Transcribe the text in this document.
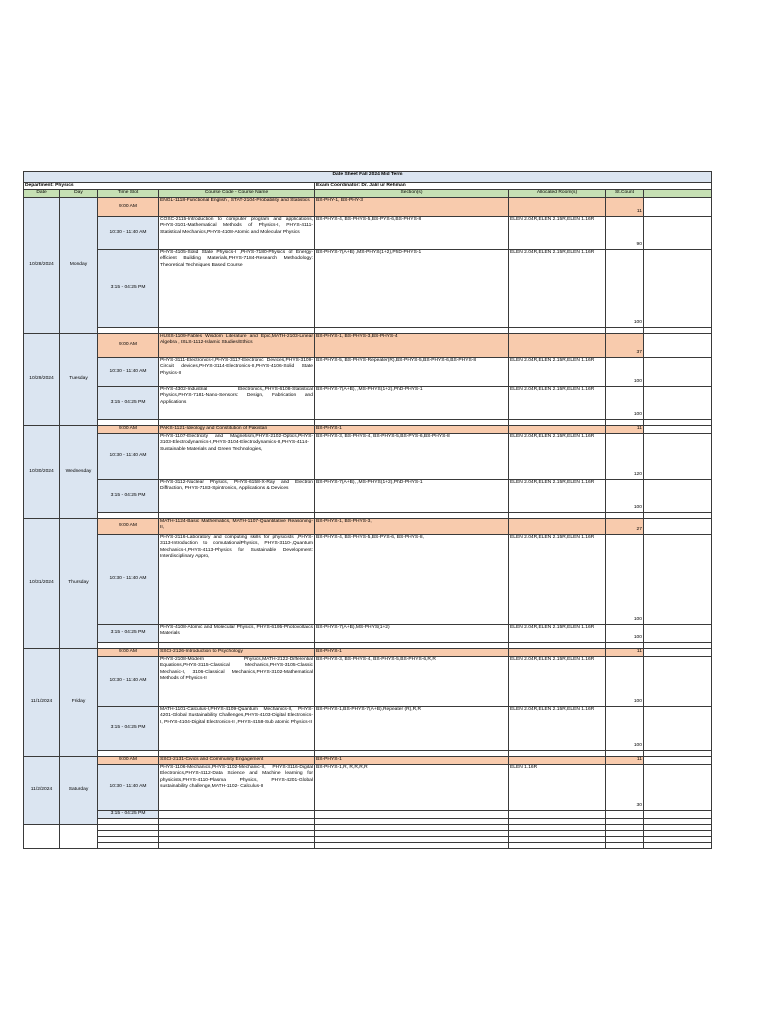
Date Sheet Fall 2024 Mid Term							
Department: Physics				Exam Coordinator: Dr. Jalil ur Rehman			
Date	Day	Time Slot	Course Code - Course Name	Section(s)	Allocated Room(s)	St.Count	
10/28/2024	Monday	9:00 AM	ENGL-1118-Functional English , STAT-2104-Probability and Statistics	BS-PHY-1, BS-PHY-3		11	
		10:30 - 11:40 AM	COSC-2115-Introduction to computer program and applications, PHYS-3101-Mathematical Methods of Physics-I, PHYS-4111-Statistical Mechanics,PHYS-4108-Atomic and Molecular Physics	BS-PHYS-4, BS-PHYS-5,BS-PYS-6,BS-PHYS-8	ELEN 2.04R,ELEN 2.15R,ELEN 1.16R	90	
		3:15 - 04:25 PM	PHYS-4105-Solid State Physics-I ,PHYS-7180-Physics of Energy-efficient Building Materials,PHYS-7184-Research Methodology: Theoretical Techniques Based Course	BS-PHYS-7(A+B) ,MS-PHYS(1+2),PhD-PHYS-1	ELEN 2.04R,ELEN 2.15R,ELEN 1.16R	100	

10/29/2024	Tuesday	9:00 AM	HUSS-1109-Fables Wisdom Literature and Epic,MATH-2103-Linear Algebra , ISLS-1112-Islamic Studies/Ethics	BS-PHYS-1, BS-PHYS-3,BS-PHYS-4		37	
		10:30 - 11:40 AM	PHYS-3111-Electronics-I,PHYS-3117-Electronic Devices,PHYS-3109-Circuit devices,PHYS-3114-Electronics-II,PHYS-4106-Solid State Physics-II	BS-PHYS-5, BS-PHYS-Repeater(R),BS-PHYS-5,BS-PHYS-6,BS-PHYS-8	ELEN 2.04R,ELEN 2.15R,ELEN 1.16R	100	
		3:15 - 04:25 PM	PHYS-4302-Industrial Electronics,,PHYS-6108-Statistical Physics,PHYS-7181-Nano-Sensors: Design, Fabrication and Applications	BS-PHYS-7(A+B), ,MS-PHYS(1+2),PhD-PHYS-1	ELEN 2.04R,ELEN 2.15R,ELEN 1.16R	100	

10/30/2024	Wednesday	9:00 AM	PAKS-1121-Ideology and Constitution of Pakistan	BS-PHYS-1		11	
		10:30 - 11:40 AM	PHYS-1107-Electricity and Magnetism,PHYS-2102-Optics,PHYS-3103-Electrodynamics-I,PHYS-3104-Electrodynamics-II,PHYS-4114-Sustainable Materials and Green Technologies,	BS-PHYS-3, BS-PHYS-4, BS-PHYS-5,BS-PYS-6,BS-PHYS-8	ELEN 2.04R,ELEN 2.15R,ELEN 1.16R	120	
		3:15 - 04:25 PM	PHYS-3112-Nuclear Physics, PHYS-6158-X-Ray and Electron Diffraction, PHYS-7183-Spintronics, Applications & Devices	BS-PHYS-7(A+B), ,MS-PHYS(1+2),PhD-PHYS-1	ELEN 2.04R,ELEN 2.15R,ELEN 1.16R	100	

10/31/2024	Thursday	9:00 AM	MATH-1124-Basic Mathematics, MATH-1107-Quantitative Reasoning-II,	BS-PHYS-1, BS-PHYS-3,		27	
		10:30 - 11:40 AM	PHYS-2116-Laboratory and computing skills for physicists ,PHYS-3113-Introduction to comutationalPhysics, PHYS-3110-,Quantum Mechanics-I,PHYS-4113-Physics for Sustainable Development: Interdisciplinary Appro,	BS-PHYS-4, BS-PHYS-5,BS-PYS-6, BS-PHYS-8,	ELEN 2.04R,ELEN 2.15R,ELEN 1.16R	100	
		3:15 - 04:25 PM	PHYS-4108-Atomic and Molecular Physics, PHYS-6195-Photovoltaics Materials	BS-PHYS-7(A+B),MS-PHYS(1+2)	ELEN 2.04R,ELEN 2.15R,ELEN 1.16R	100	

11/1/2024	Friday	9:00 AM	SSCI-2126-Introduction to Psychology	BS-PHYS-1		11	
		10:30 - 11:40 AM	PHYS-2108-Modern Physics,MATH-2122-Differential Equations,PHYS-3115-Classical Mechanics,PHYS-3105-Classic Mechanic-I, 3106-Classical Mechanics,PHYS-3102-Mathematical Methods of Physics-II	BS-PHYS-3, BS-PHYS-4, BS-PHYS-5,BS-PHYS-6,R,R	ELEN 2.04R,ELEN 2.15R,ELEN 1.16R	100	
		3:15 - 04:25 PM	MATH-1101-Calculus-I,PHYS-4109-Quantum Mechanics-II, PHYS-4201-Global Sustainability Challenges,PHYS-4103-Digital Electronics-I, PHYS-4104-Digital Electronics-II ,PHYS-4158-Sub atomic Physics-II	BS-PHYS-1,BS-PHYS-7(A+B),Repeater (R),R,R	ELEN 2.04R,ELEN 2.15R,ELEN 1.16R	100	

11/2/2024	Saturday	9:00 AM	SSCI-2131-Civics and Community Engagement	BS-PHYS-1		11	
		10:30 - 11:40 AM	PHYS-1106-Mechanics,PHYS-1102-Mechanic-II, PHYS-3116-Digital Electronics,PHYS-4112-Data Science and Machine learning for physicists,PHYS-4110-Plasma Physics, PHYS-4201-Global sustainability challenge,MATH-1102- Calculus-II	BS-PHYS-1,R, R,R,R,R	ELEN 1.16R	30	
		3:15 - 04:25 PM					
